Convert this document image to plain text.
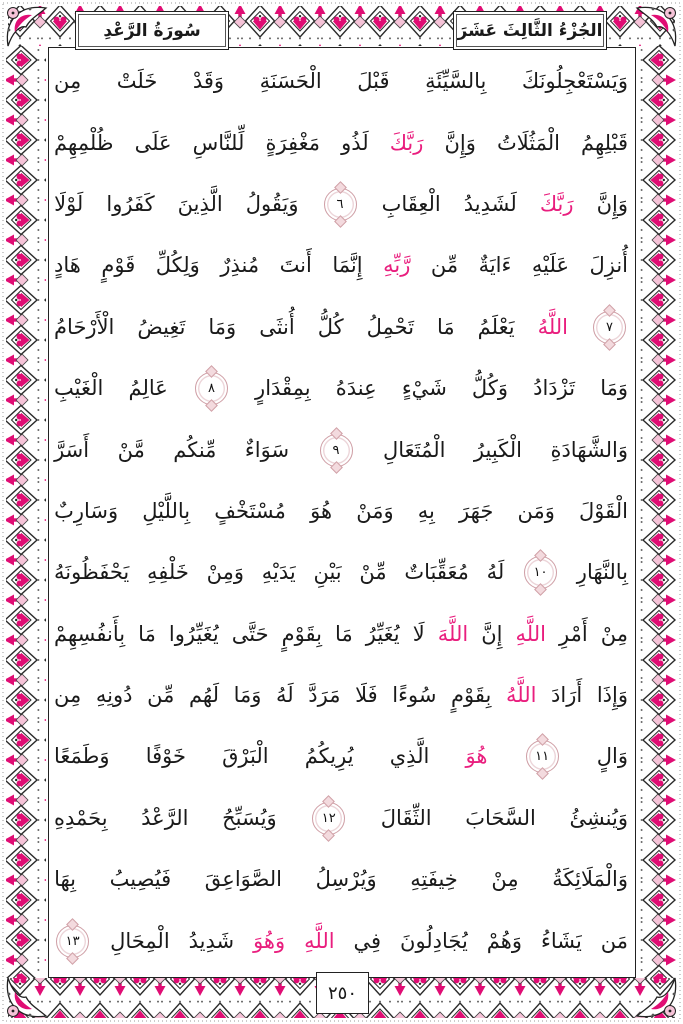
الجُزْءُ الثَّالِثَ عَشَرَ
سُورَةُ الرَّعْدِ
وَيَسْتَعْجِلُونَكَ
بِالسَّيِّئَةِ
قَبْلَ
الْحَسَنَةِ
وَقَدْ
خَلَتْ
مِن
قَبْلِهِمُ
الْمَثُلَاتُ
وَإِنَّ
رَبَّكَ
لَذُو
مَغْفِرَةٍ
لِّلنَّاسِ
عَلَى
ظُلْمِهِمْ
وَإِنَّ
رَبَّكَ
لَشَدِيدُ
الْعِقَابِ
٦
وَيَقُولُ
الَّذِينَ
كَفَرُوا
لَوْلَا
أُنزِلَ
عَلَيْهِ
ءَايَةٌ
مِّن
رَّبِّهِ
إِنَّمَا
أَنتَ
مُنذِرٌ
وَلِكُلِّ
قَوْمٍ
هَادٍ
٧
اللَّهُ
يَعْلَمُ
مَا
تَحْمِلُ
كُلُّ
أُنثَى
وَمَا
تَغِيضُ
الْأَرْحَامُ
وَمَا
تَزْدَادُ
وَكُلُّ
شَيْءٍ
عِندَهُ
بِمِقْدَارٍ
٨
عَالِمُ
الْغَيْبِ
وَالشَّهَادَةِ
الْكَبِيرُ
الْمُتَعَالِ
٩
سَوَاءٌ
مِّنكُم
مَّنْ
أَسَرَّ
الْقَوْلَ
وَمَن
جَهَرَ
بِهِ
وَمَنْ
هُوَ
مُسْتَخْفٍ
بِاللَّيْلِ
وَسَارِبٌ
بِالنَّهَارِ
١٠
لَهُ
مُعَقِّبَاتٌ
مِّنْ
بَيْنِ
يَدَيْهِ
وَمِنْ
خَلْفِهِ
يَحْفَظُونَهُ
مِنْ
أَمْرِ
اللَّهِ
إِنَّ
اللَّهَ
لَا
يُغَيِّرُ
مَا
بِقَوْمٍ
حَتَّى
يُغَيِّرُوا
مَا
بِأَنفُسِهِمْ
وَإِذَا
أَرَادَ
اللَّهُ
بِقَوْمٍ
سُوءًا
فَلَا
مَرَدَّ
لَهُ
وَمَا
لَهُم
مِّن
دُونِهِ
مِن
وَالٍ
١١
هُوَ
الَّذِي
يُرِيكُمُ
الْبَرْقَ
خَوْفًا
وَطَمَعًا
وَيُنشِئُ
السَّحَابَ
الثِّقَالَ
١٢
وَيُسَبِّحُ
الرَّعْدُ
بِحَمْدِهِ
وَالْمَلَائِكَةُ
مِنْ
خِيفَتِهِ
وَيُرْسِلُ
الصَّوَاعِقَ
فَيُصِيبُ
بِهَا
مَن
يَشَاءُ
وَهُمْ
يُجَادِلُونَ
فِي
اللَّهِ
وَهُوَ
شَدِيدُ
الْمِحَالِ
١٣
٢٥٠
